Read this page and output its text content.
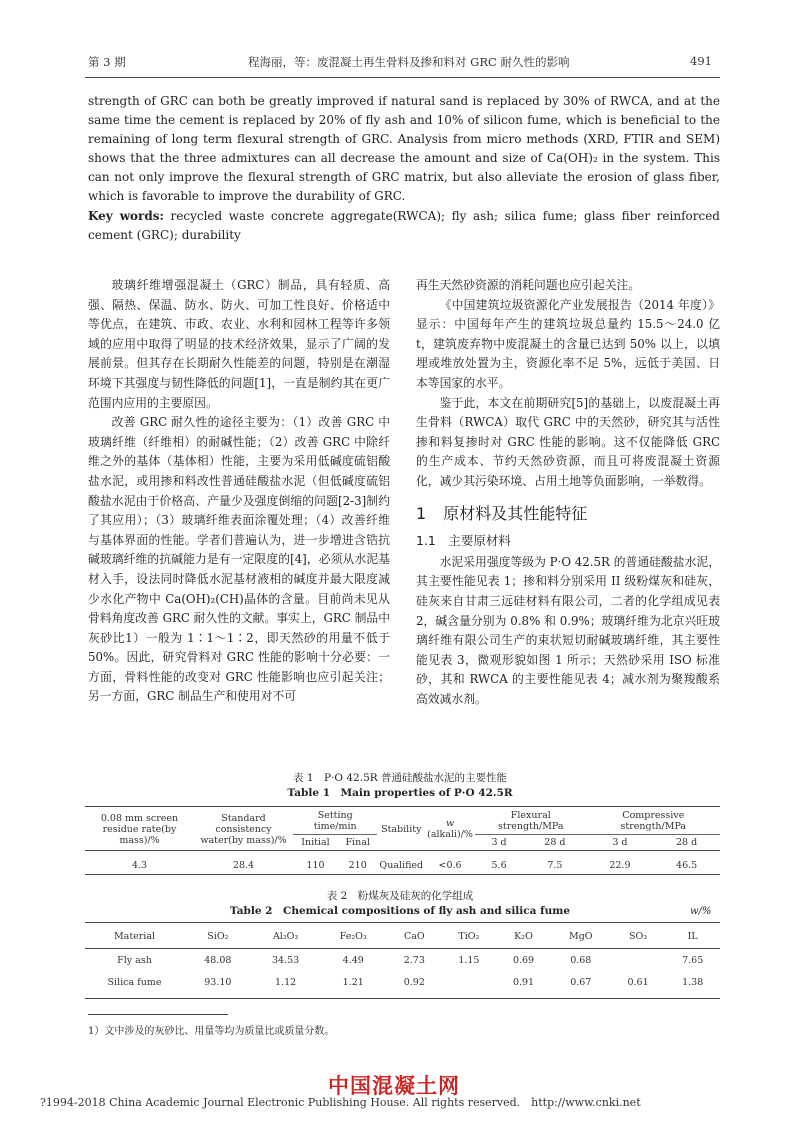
第 3 期	程海丽，等：废混凝土再生骨料及掺和料对 GRC 耐久性的影响	491
strength of GRC can both be greatly improved if natural sand is replaced by 30% of RWCA, and at the same time the cement is replaced by 20% of fly ash and 10% of silicon fume, which is beneficial to the remaining of long term flexural strength of GRC. Analysis from micro methods (XRD, FTIR and SEM) shows that the three admixtures can all decrease the amount and size of Ca(OH)₂ in the system. This can not only improve the flexural strength of GRC matrix, but also alleviate the erosion of glass fiber, which is favorable to improve the durability of GRC.
Key words: recycled waste concrete aggregate(RWCA); fly ash; silica fume; glass fiber reinforced cement (GRC); durability

玻璃纤维增强混凝土（GRC）制品，具有轻质、高强、隔热、保温、防水、防火、可加工性良好、价格适中等优点，在建筑、市政、农业、水利和园林工程等许多领域的应用中取得了明显的技术经济效果，显示了广阔的发展前景。但其存在长期耐久性能差的问题，特别是在潮湿环境下其强度与韧性降低的问题[1]，一直是制约其在更广范围内应用的主要原因。

改善 GRC 耐久性的途径主要为：（1）改善 GRC 中玻璃纤维（纤维相）的耐碱性能；（2）改善 GRC 中除纤维之外的基体（基体相）性能，主要为采用低碱度硫铝酸盐水泥，或用掺和料改性普通硅酸盐水泥（但低碱度硫铝酸盐水泥由于价格高、产量少及强度倒缩的问题[2-3]制约了其应用）；（3）玻璃纤维表面涂覆处理；（4）改善纤维与基体界面的性能。学者们普遍认为，进一步增进含锆抗碱玻璃纤维的抗碱能力是有一定限度的[4]，必须从水泥基材入手，设法同时降低水泥基材液相的碱度并最大限度减少水化产物中 Ca(OH)₂(CH)晶体的含量。目前尚未见从骨料角度改善 GRC 耐久性的文献。事实上，GRC 制品中灰砂比1）一般为 1∶1～1∶2，即天然砂的用量不低于 50%。因此，研究骨料对 GRC 性能的影响十分必要：一方面，骨料性能的改变对 GRC 性能影响也应引起关注；另一方面，GRC 制品生产和使用对不可

再生天然砂资源的消耗问题也应引起关注。

《中国建筑垃圾资源化产业发展报告（2014 年度）》显示：中国每年产生的建筑垃圾总量约 15.5～24.0 亿 t，建筑废弃物中废混凝土的含量已达到 50% 以上，以填埋或堆放处置为主，资源化率不足 5%，远低于美国、日本等国家的水平。

鉴于此，本文在前期研究[5]的基础上，以废混凝土再生骨料（RWCA）取代 GRC 中的天然砂，研究其与活性掺和料复掺时对 GRC 性能的影响。这不仅能降低 GRC 的生产成本、节约天然砂资源，而且可将废混凝土资源化，减少其污染环境、占用土地等负面影响，一举数得。

1 原材料及其性能特征
1.1　主要原材料

水泥采用强度等级为 P·O 42.5R 的普通硅酸盐水泥，其主要性能见表 1；掺和料分别采用 II 级粉煤灰和硅灰，硅灰来自甘肃三远硅材料有限公司，二者的化学组成见表 2，碱含量分别为 0.8% 和 0.9%；玻璃纤维为北京兴旺玻璃纤维有限公司生产的束状短切耐碱玻璃纤维，其主要性能见表 3，微观形貌如图 1 所示；天然砂采用 ISO 标准砂，其和 RWCA 的主要性能见表 4；减水剂为聚羧酸系高效减水剂。

表 1　P·O 42.5R 普通硅酸盐水泥的主要性能
Table 1　Main properties of P·O 42.5R
0.08 mm screen residue rate(by mass)/%	Standard consistency water(by mass)/%	Setting time/min		Stability	w
(alkali)/%	Flexural strength/MPa		Compressive strength/MPa	
		Initial	Final			3 d	28 d	3 d	28 d
4.3	28.4	110	210	Qualified	<0.6	5.6	7.5	22.9	46.5
表 2　粉煤灰及硅灰的化学组成
Table 2　Chemical compositions of fly ash and silica fume	w/%
Material	SiO₂	Al₂O₃	Fe₂O₃	CaO	TiO₂	K₂O	MgO	SO₃	IL
Fly ash	48.08	34.53	4.49	2.73	1.15	0.69	0.68		7.65
Silica fume	93.10	1.12	1.21	0.92		0.91	0.67	0.61	1.38
1）文中涉及的灰砂比、用量等均为质量比或质量分数。
中国混凝土网
?1994-2018 China Academic Journal Electronic Publishing House. All rights reserved.　http://www.cnki.net
